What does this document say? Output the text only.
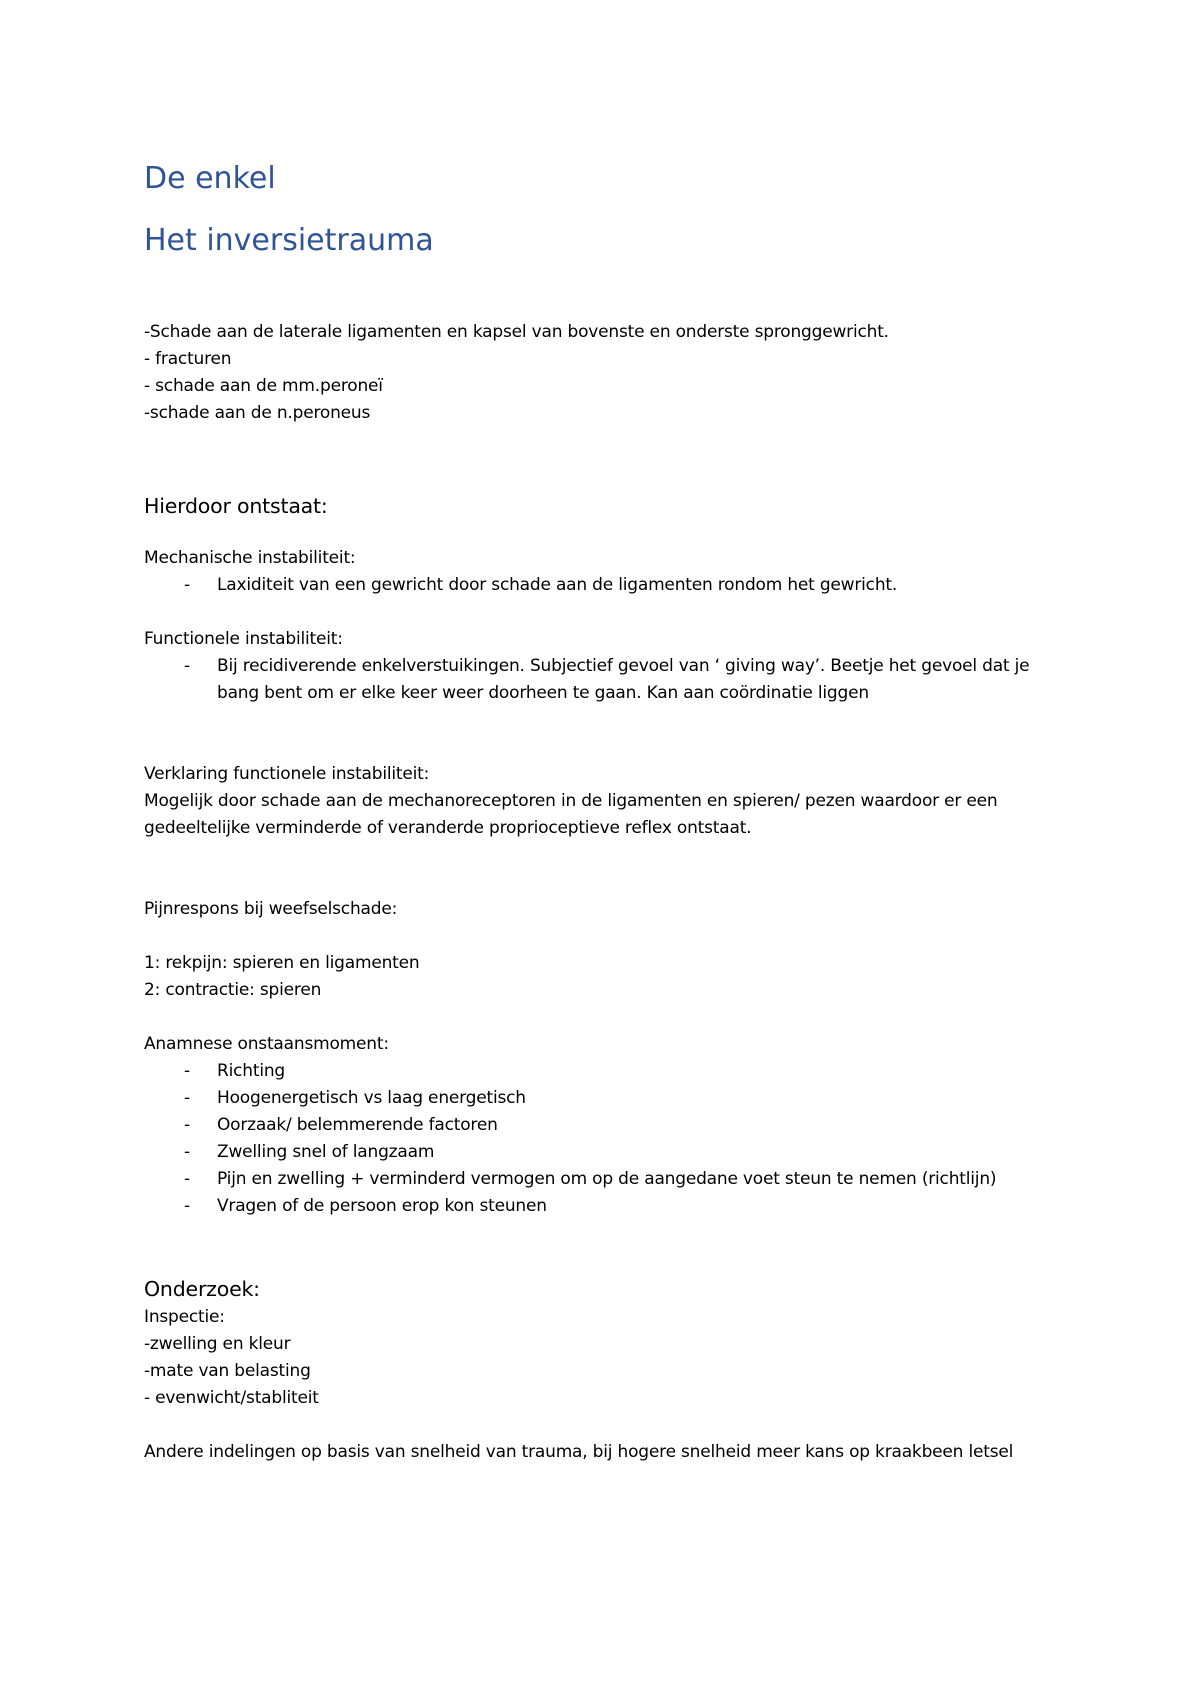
De enkel
Het inversietrauma
-Schade aan de laterale ligamenten en kapsel van bovenste en onderste spronggewricht.
- fracturen
- schade aan de mm.peroneï
-schade aan de n.peroneus
Hierdoor ontstaat:
Mechanische instabiliteit:
- Laxiditeit van een gewricht door schade aan de ligamenten rondom het gewricht.
Functionele instabiliteit:
- Bij recidiverende enkelverstuikingen. Subjectief gevoel van ‘ giving way’. Beetje het gevoel dat je bang bent om er elke keer weer doorheen te gaan. Kan aan coördinatie liggen
Verklaring functionele instabiliteit:
Mogelijk door schade aan de mechanoreceptoren in de ligamenten en spieren/ pezen waardoor er een gedeeltelijke verminderde of veranderde proprioceptieve reflex ontstaat.
Pijnrespons bij weefselschade:
1: rekpijn: spieren en ligamenten
2: contractie: spieren
Anamnese onstaansmoment:
- Richting
- Hoogenergetisch vs laag energetisch
- Oorzaak/ belemmerende factoren
- Zwelling snel of langzaam
- Pijn en zwelling + verminderd vermogen om op de aangedane voet steun te nemen (richtlijn)
- Vragen of de persoon erop kon steunen
Onderzoek:
Inspectie:
-zwelling en kleur
-mate van belasting
- evenwicht/stabliteit
Andere indelingen op basis van snelheid van trauma, bij hogere snelheid meer kans op kraakbeen letsel
